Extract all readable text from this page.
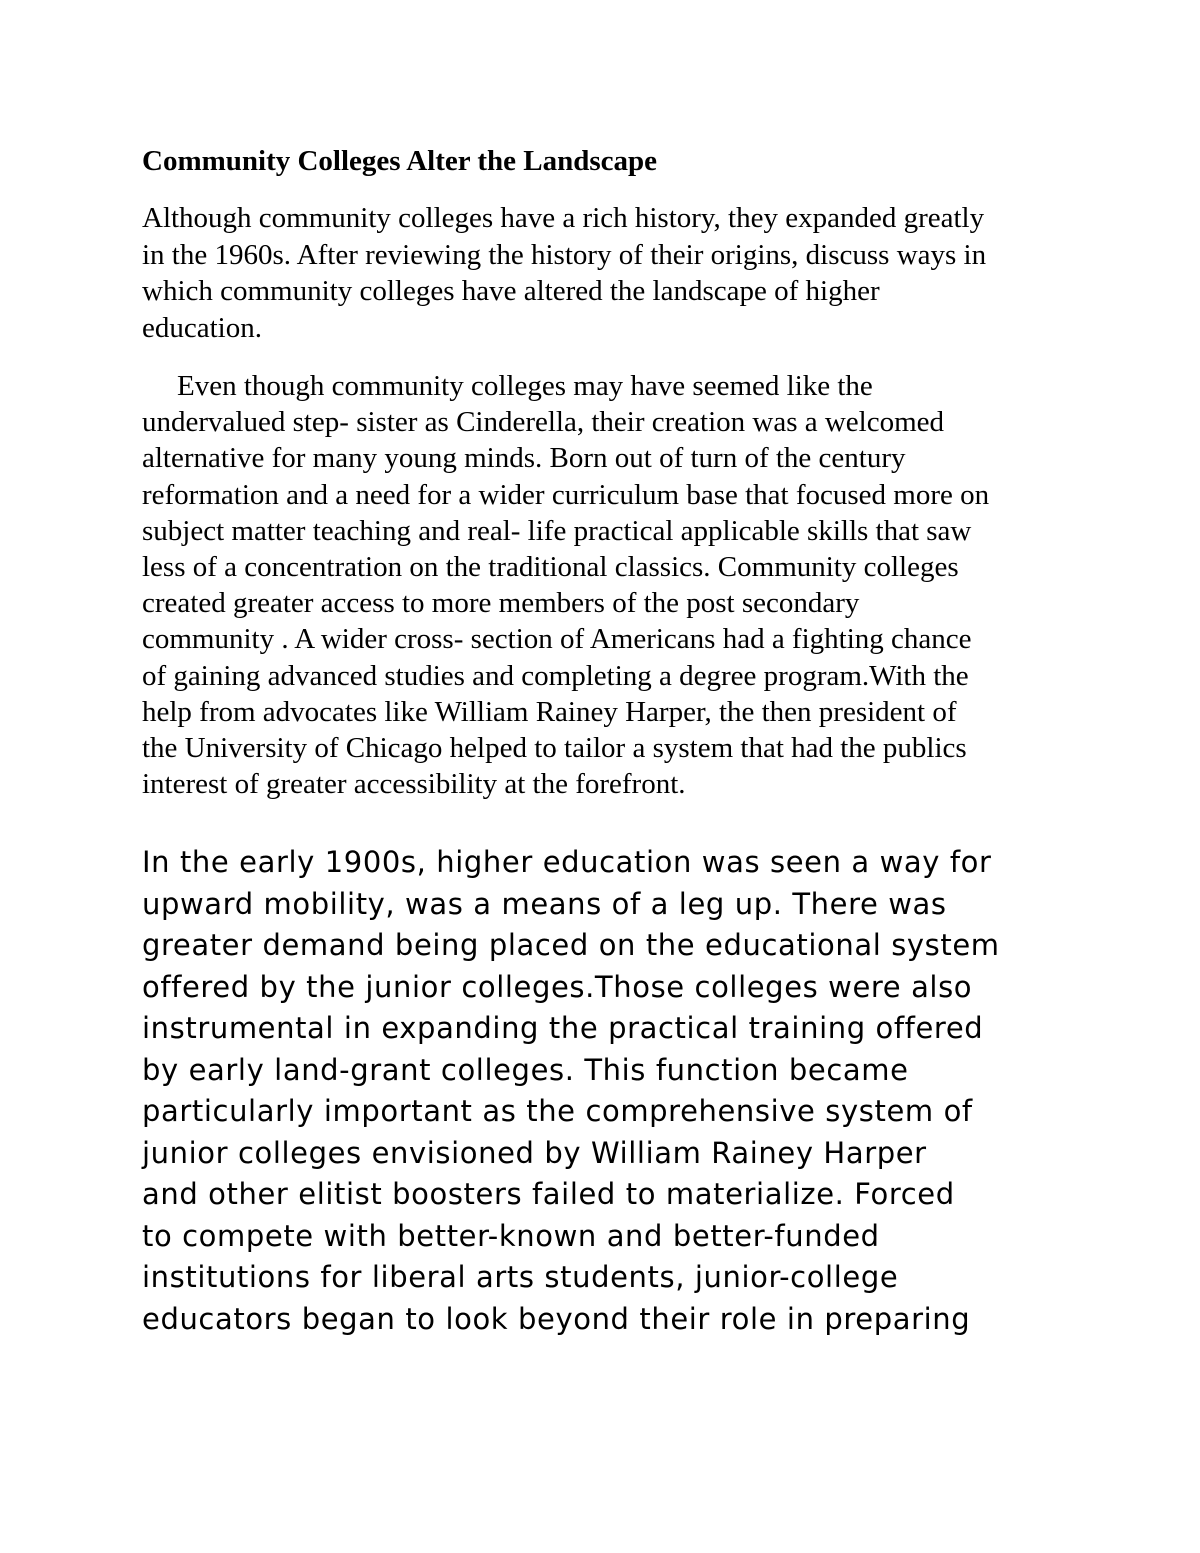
Community Colleges Alter the Landscape

Although community colleges have a rich history, they expanded greatly
in the 1960s. After reviewing the history of their origins, discuss ways in
which community colleges have altered the landscape of higher
education.

Even though community colleges may have seemed like the
undervalued step- sister as Cinderella, their creation was a welcomed
alternative for many young minds. Born out of turn of the century
reformation and a need for a wider curriculum base that focused more on
subject matter teaching and real- life practical applicable skills that saw
less of a concentration on the traditional classics. Community colleges
created greater access to more members of the post secondary
community . A wider cross- section of Americans had a fighting chance
of gaining advanced studies and completing a degree program.With the
help from advocates like William Rainey Harper, the then president of
the University of Chicago helped to tailor a system that had the publics
interest of greater accessibility at the forefront.

In the early 1900s, higher education was seen a way for
upward mobility, was a means of a leg up. There was
greater demand being placed on the educational system
offered by the junior colleges.Those colleges were also
instrumental in expanding the practical training offered
by early land-grant colleges. This function became
particularly important as the comprehensive system of
junior colleges envisioned by William Rainey Harper
and other elitist boosters failed to materialize. Forced
to compete with better-known and better-funded
institutions for liberal arts students, junior-college
educators began to look beyond their role in preparing
